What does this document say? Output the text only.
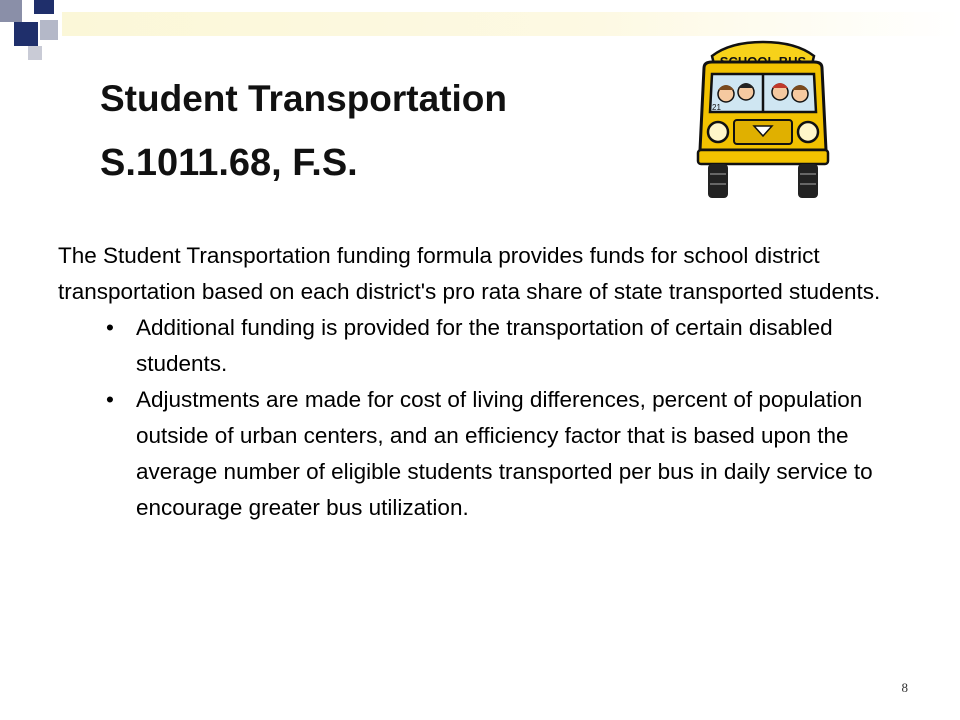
Student Transportation
S.1011.68, F.S.
21

The Student Transportation funding formula provides funds for school district transportation based on each district's pro rata share of state transported students.

• Additional funding is provided for the transportation of certain disabled students.
• Adjustments are made for cost of living differences, percent of population outside of urban centers, and an efficiency factor that is based upon the average number of eligible students transported per bus in daily service to encourage greater bus utilization.
8
